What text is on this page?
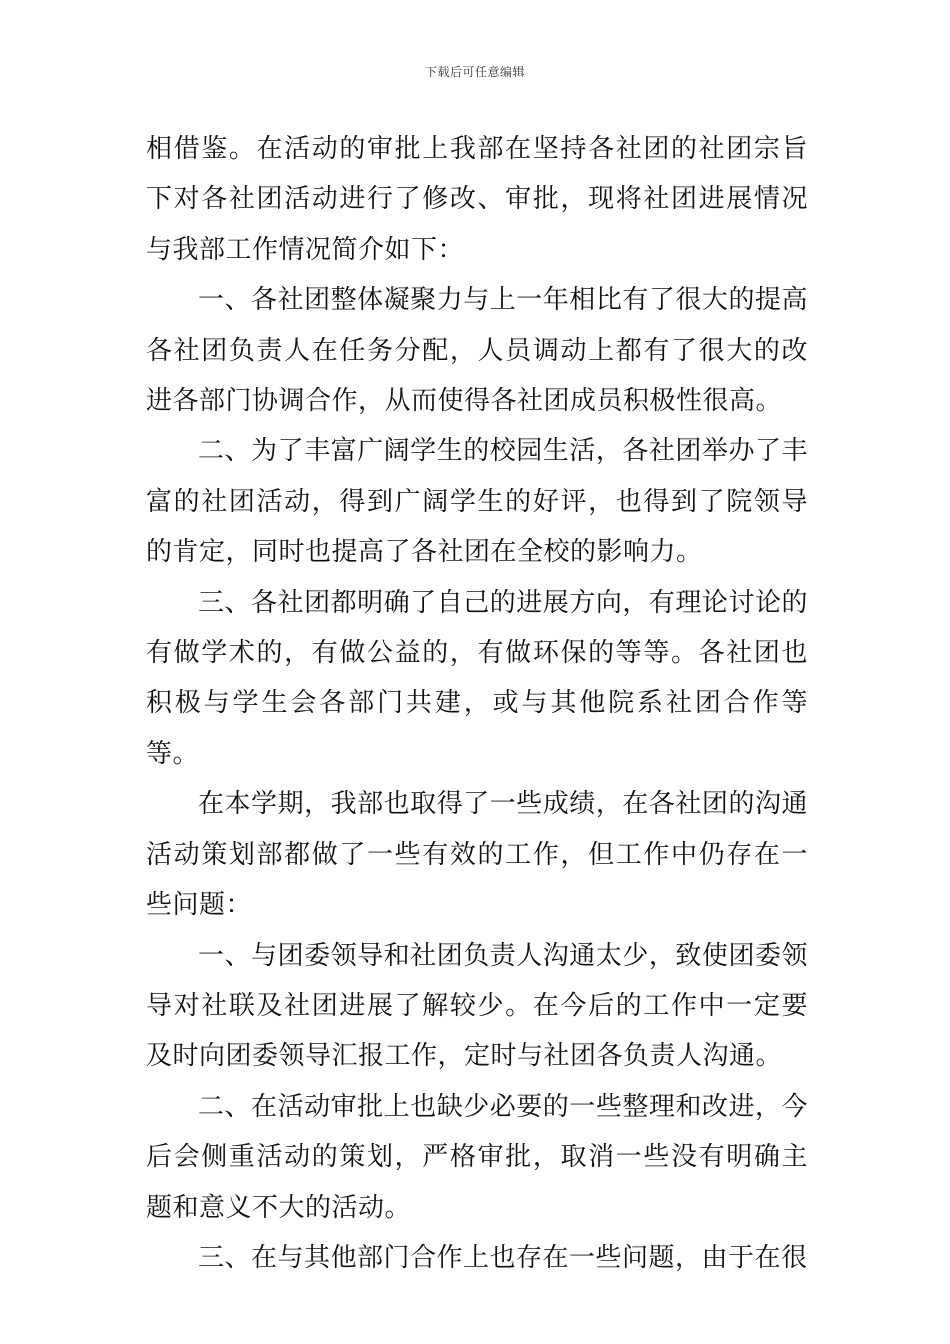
下载后可任意编辑

相借鉴。在活动的审批上我部在坚持各社团的社团宗旨下对各社团活动进行了修改、审批，现将社团进展情况与我部工作情况简介如下：

一、各社团整体凝聚力与上一年相比有了很大的提高各社团负责人在任务分配，人员调动上都有了很大的改进各部门协调合作，从而使得各社团成员积极性很高。

二、为了丰富广阔学生的校园生活，各社团举办了丰富的社团活动，得到广阔学生的好评，也得到了院领导的肯定，同时也提高了各社团在全校的影响力。

三、各社团都明确了自己的进展方向，有理论讨论的有做学术的，有做公益的，有做环保的等等。各社团也积极与学生会各部门共建，或与其他院系社团合作等等。

在本学期，我部也取得了一些成绩，在各社团的沟通活动策划部都做了一些有效的工作，但工作中仍存在一些问题：

一、与团委领导和社团负责人沟通太少，致使团委领导对社联及社团进展了解较少。在今后的工作中一定要及时向团委领导汇报工作，定时与社团各负责人沟通。

二、在活动审批上也缺少必要的一些整理和改进，今后会侧重活动的策划，严格审批，取消一些没有明确主题和意义不大的活动。

三、在与其他部门合作上也存在一些问题，由于在很
